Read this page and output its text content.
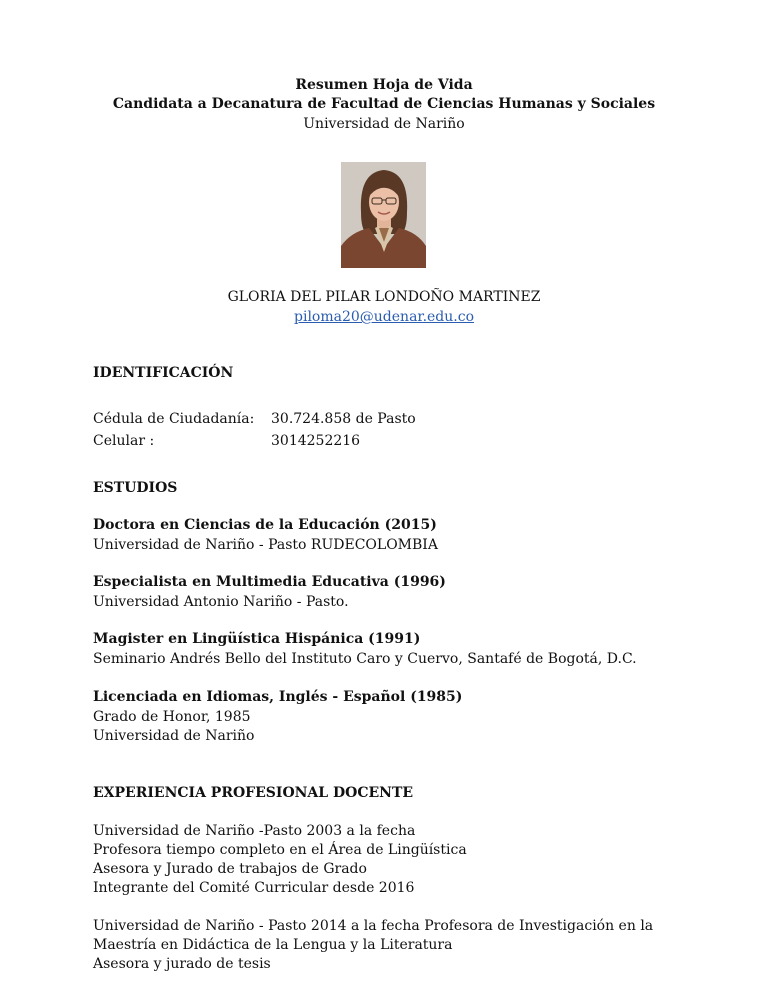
Resumen Hoja de Vida
Candidata a Decanatura de Facultad de Ciencias Humanas y Sociales
Universidad de Nariño
GLORIA DEL PILAR LONDOÑO MARTINEZ
piloma20@udenar.edu.co
IDENTIFICACIÓN
Cédula de Ciudadanía: 30.724.858 de Pasto
Celular :	3014252216
ESTUDIOS
Doctora en Ciencias de la Educación (2015)
Universidad de Nariño - Pasto RUDECOLOMBIA
Especialista en Multimedia Educativa (1996)
Universidad Antonio Nariño - Pasto.
Magister en Lingüística Hispánica (1991)
Seminario Andrés Bello del Instituto Caro y Cuervo, Santafé de Bogotá, D.C.
Licenciada en Idiomas, Inglés - Español (1985)
Grado de Honor, 1985
Universidad de Nariño
EXPERIENCIA PROFESIONAL DOCENTE
Universidad de Nariño -Pasto 2003 a la fecha
Profesora tiempo completo en el Área de Lingüística
Asesora y Jurado de trabajos de Grado
Integrante del Comité Curricular desde 2016
Universidad de Nariño - Pasto 2014 a la fecha Profesora de Investigación en la
Maestría en Didáctica de la Lengua y la Literatura
Asesora y jurado de tesis
